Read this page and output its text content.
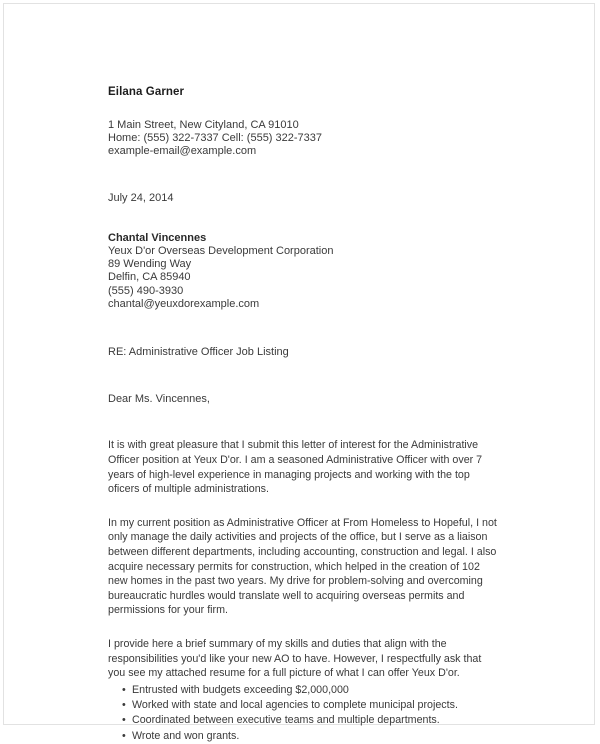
Eilana Garner
1 Main Street, New Cityland, CA 91010
Home: (555) 322-7337 Cell: (555) 322-7337
example-email@example.com
July 24, 2014
Chantal Vincennes
Yeux D'or Overseas Development Corporation
89 Wending Way
Delfin, CA 85940
(555) 490-3930
chantal@yeuxdorexample.com
RE: Administrative Officer Job Listing
Dear Ms. Vincennes,

It is with great pleasure that I submit this letter of interest for the Administrative Officer position at Yeux D'or. I am a seasoned Administrative Officer with over 7 years of high-level experience in managing projects and working with the top oficers of multiple administrations.

In my current position as Administrative Officer at From Homeless to Hopeful, I not only manage the daily activities and projects of the office, but I serve as a liaison between different departments, including accounting, construction and legal. I also acquire necessary permits for construction, which helped in the creation of 102 new homes in the past two years. My drive for problem-solving and overcoming bureaucratic hurdles would translate well to acquiring overseas permits and permissions for your firm.

I provide here a brief summary of my skills and duties that align with the responsibilities you'd like your new AO to have. However, I respectfully ask that you see my attached resume for a full picture of what I can offer Yeux D'or.

• Entrusted with budgets exceeding $2,000,000
• Worked with state and local agencies to complete municipal projects.
• Coordinated between executive teams and multiple departments.
• Wrote and won grants.
